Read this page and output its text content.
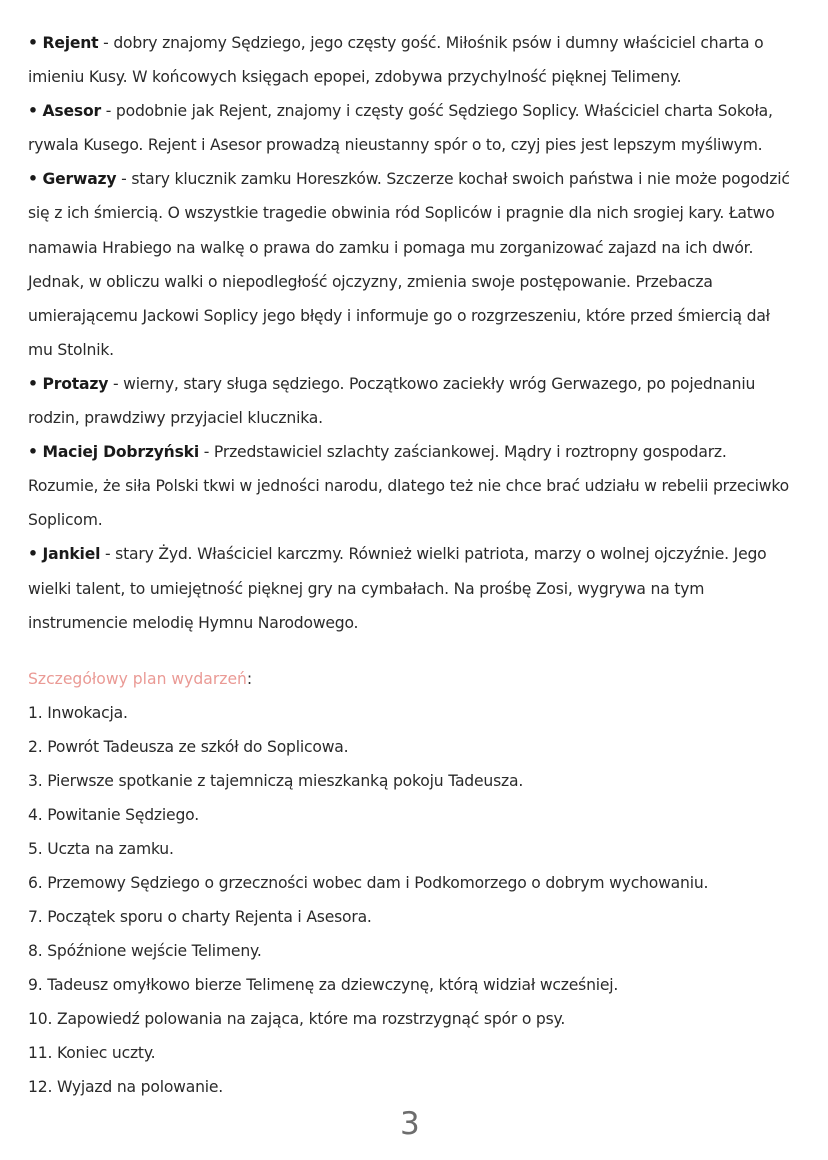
• Rejent - dobry znajomy Sędziego, jego częsty gość. Miłośnik psów i dumny właściciel charta o imieniu Kusy. W końcowych księgach epopei, zdobywa przychylność pięknej Telimeny.

• Asesor - podobnie jak Rejent, znajomy i częsty gość Sędziego Soplicy. Właściciel charta Sokoła, rywala Kusego. Rejent i Asesor prowadzą nieustanny spór o to, czyj pies jest lepszym myśliwym.

• Gerwazy - stary klucznik zamku Horeszków. Szczerze kochał swoich państwa i nie może pogodzić się z ich śmiercią. O wszystkie tragedie obwinia ród Sopliców i pragnie dla nich srogiej kary. Łatwo namawia Hrabiego na walkę o prawa do zamku i pomaga mu zorganizować zajazd na ich dwór. Jednak, w obliczu walki o niepodległość ojczyzny, zmienia swoje postępowanie. Przebacza umierającemu Jackowi Soplicy jego błędy i informuje go o rozgrzeszeniu, które przed śmiercią dał mu Stolnik.

• Protazy - wierny, stary sługa sędziego. Początkowo zaciekły wróg Gerwazego, po pojednaniu rodzin, prawdziwy przyjaciel klucznika.

• Maciej Dobrzyński - Przedstawiciel szlachty zaściankowej. Mądry i roztropny gospodarz. Rozumie, że siła Polski tkwi w jedności narodu, dlatego też nie chce brać udziału w rebelii przeciwko Soplicom.

• Jankiel - stary Żyd. Właściciel karczmy. Również wielki patriota, marzy o wolnej ojczyźnie. Jego wielki talent, to umiejętność pięknej gry na cymbałach. Na prośbę Zosi, wygrywa na tym instrumencie melodię Hymnu Narodowego.

Szczegółowy plan wydarzeń:

1. Inwokacja.
2. Powrót Tadeusza ze szkół do Soplicowa.
3. Pierwsze spotkanie z tajemniczą mieszkanką pokoju Tadeusza.
4. Powitanie Sędziego.
5. Uczta na zamku.
6. Przemowy Sędziego o grzeczności wobec dam i Podkomorzego o dobrym wychowaniu.
7. Początek sporu o charty Rejenta i Asesora.
8. Spóźnione wejście Telimeny.
9. Tadeusz omyłkowo bierze Telimenę za dziewczynę, którą widział wcześniej.
10. Zapowiedź polowania na zająca, które ma rozstrzygnąć spór o psy.
11. Koniec uczty.
12. Wyjazd na polowanie.
3
